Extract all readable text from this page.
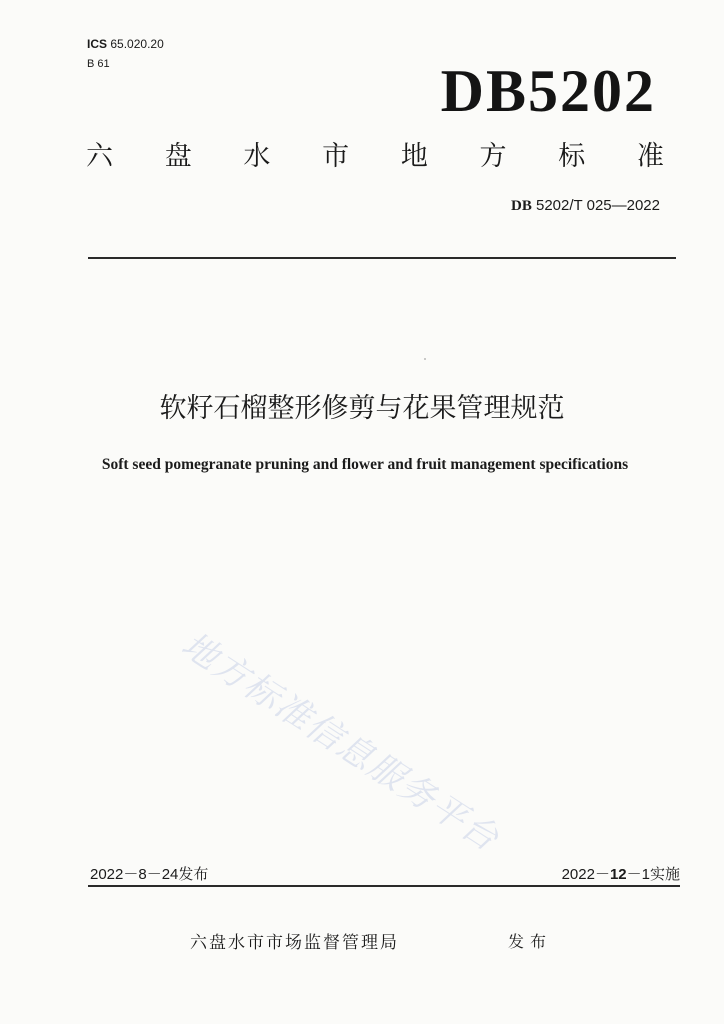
ICS 65.020.20
B 61	DB5202
六 盘 水 市 地 方 标 准
DB 5202/T 025—2022
软籽石榴整形修剪与花果管理规范
Soft seed pomegranate pruning and flower and fruit management specifications
地方标准信息服务平台
2022－8－24发布	2022－12－1实施
六盘水市市场监督管理局	发布
